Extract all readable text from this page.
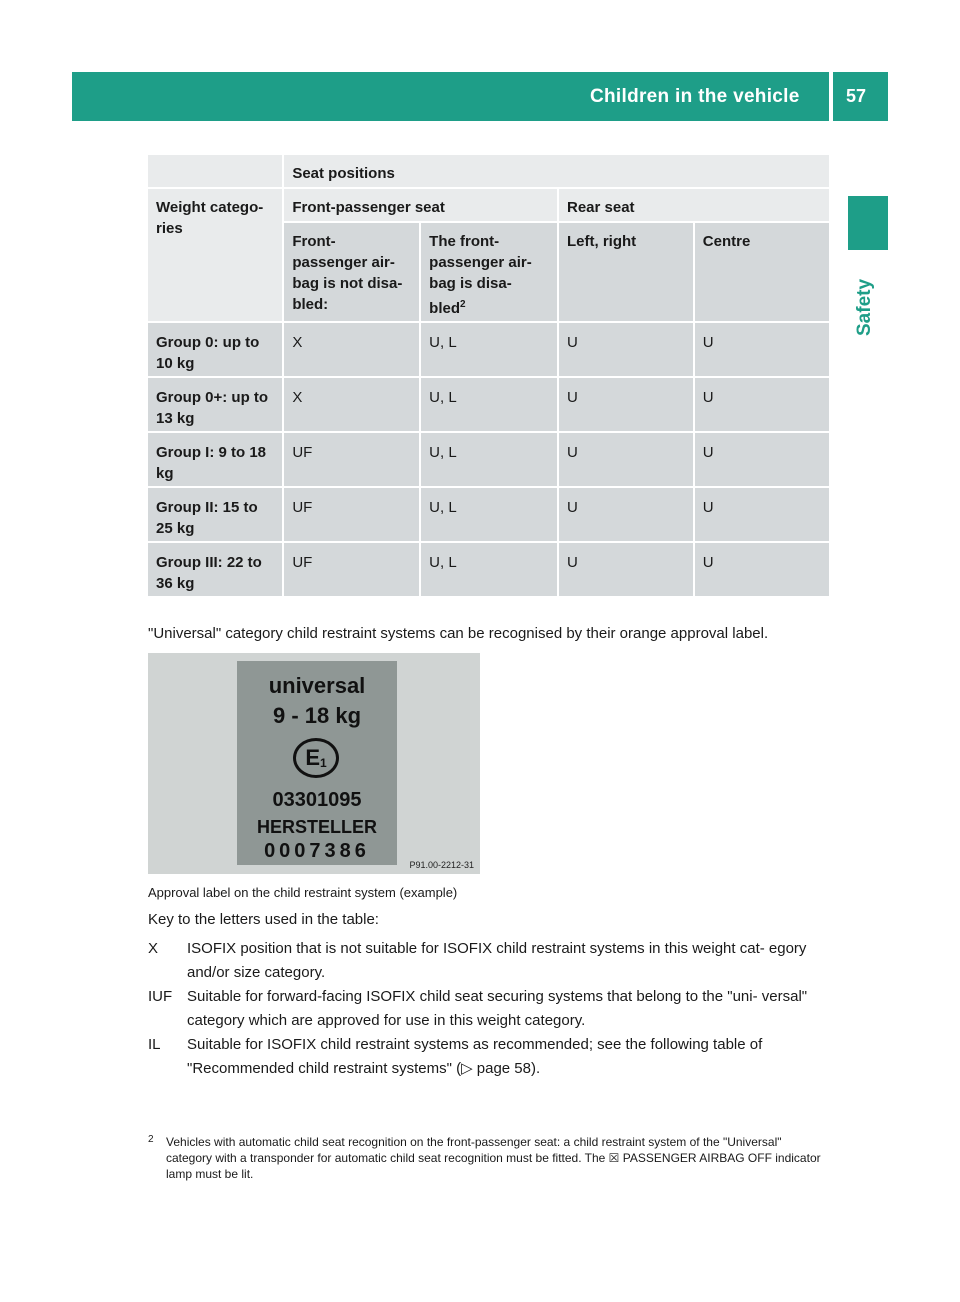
Children in the vehicle	57
Safety
	Seat positions			
Weight catego- ries	Front-passenger seat		Rear seat	
	Front- passenger air- bag is not disa- bled:	The front- passenger air- bag is disa- bled$^2$	Left, right	Centre
Group 0: up to 10 kg	X	U, L	U	U
Group 0+: up to 13 kg	X	U, L	U	U
Group I: 9 to 18 kg	UF	U, L	U	U
Group II: 15 to 25 kg	UF	U, L	U	U
Group III: 22 to 36 kg	UF	U, L	U	U
"Universal" category child restraint systems can be recognised by their orange approval label.
universal
9 - 18 kg
$E_1$
03301095
HERSTELLER
0007386
P91.00-2212-31
Approval label on the child restraint system (example)
Key to the letters used in the table:
X ISOFIX position that is not suitable for ISOFIX child restraint systems in this weight cat- egory and/or size category.
IUF Suitable for forward-facing ISOFIX child seat securing systems that belong to the "uni- versal" category which are approved for use in this weight category.
IL Suitable for ISOFIX child restraint systems as recommended; see the following table of "Recommended child restraint systems" (▷ page 58).
2 Vehicles with automatic child seat recognition on the front-passenger seat: a child restraint system of the "Universal" category with a transponder for automatic child seat recognition must be fitted. The ☒ PASSENGER AIRBAG OFF indicator lamp must be lit.
